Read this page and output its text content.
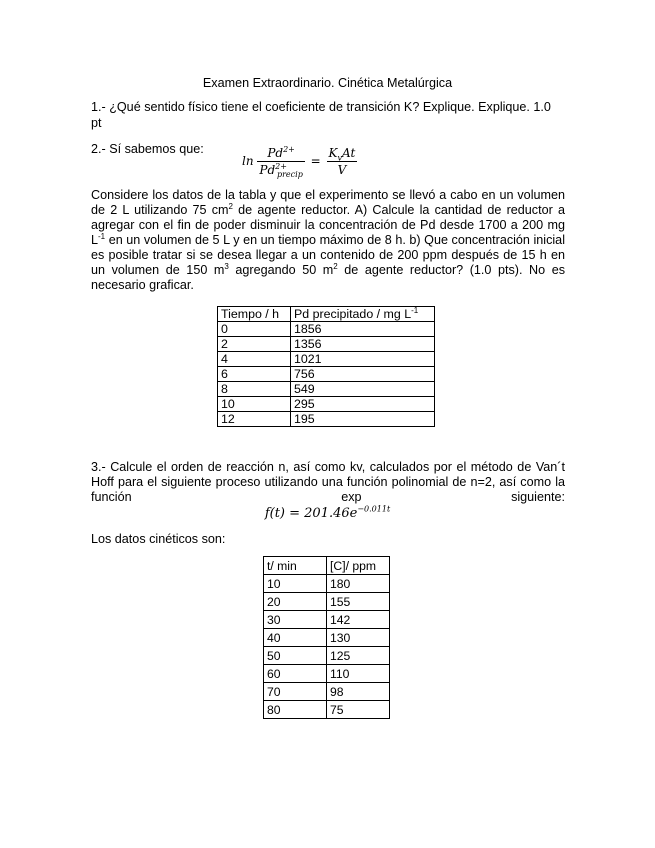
Examen Extraordinario. Cinética Metalúrgica
1.- ¿Qué sentido físico tiene el coeficiente de transición K? Explique. Explique. 1.0
pt
2.- Sí sabemos que:
$\ln \frac{Pd^{2+}}{Pd^{2+}_{precip}} = \frac{K_vAt}{V}$
Considere los datos de la tabla y que el experimento se llevó a cabo en un volumen
de 2 L utilizando 75 $cm^2$ de agente reductor. A) Calcule la cantidad de reductor a
agregar con el fin de poder disminuir la concentración de Pd desde 1700 a 200 mg
$L^{-1}$ en un volumen de 5 L y en un tiempo máximo de 8 h. b) Que concentración inicial
es posible tratar si se desea llegar a un contenido de 200 ppm después de 15 h en
un volumen de 150 $m^3$ agregando 50 $m^2$ de agente reductor? (1.0 pts). No es
necesario graficar.
Tiempo / h	Pd precipitado / mg $L^{-1}$
0	1856
2	1356
4	1021
6	756
8	549
10	295
12	195
3.- Calcule el orden de reacción n, así como kv, calculados por el método de Van´t
Hoff para el siguiente proceso utilizando una función polinomial de n=2, así como la
función	exp	siguiente:
$f(t) = 201.46e^{-0.011t}$
Los datos cinéticos son:
t/ min	[C]/ ppm
10	180
20	155
30	142
40	130
50	125
60	110
70	98
80	75
